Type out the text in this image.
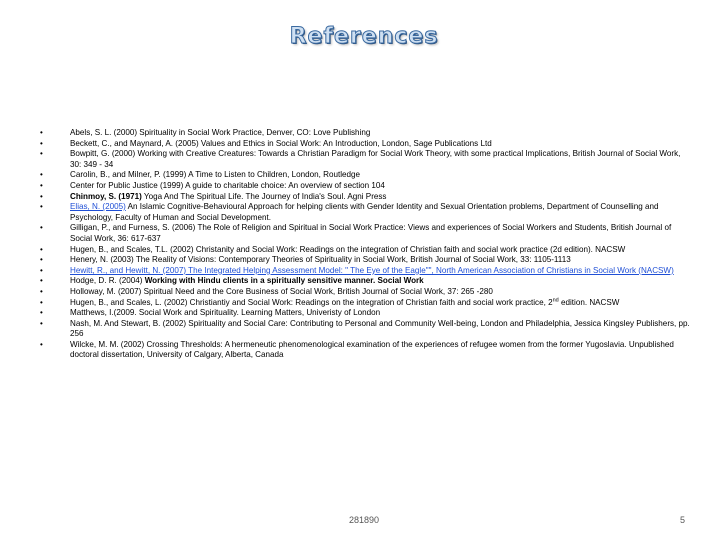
References
• Abels, S. L. (2000) Spirituality in Social Work Practice, Denver, CO: Love Publishing
• Beckett, C., and Maynard, A. (2005) Values and Ethics in Social Work: An Introduction, London, Sage Publications Ltd
• Bowpitt, G. (2000) Working with Creative Creatures: Towards a Christian Paradigm for Social Work Theory, with some practical Implications, British Journal of Social Work, 30: 349 - 34
• Carolin, B., and Milner, P. (1999) A Time to Listen to Children, London, Routledge
• Center for Public Justice (1999) A guide to charitable choice: An overview of section 104
• Chinmoy, S. (1971) Yoga And The Spiritual Life. The Journey of India's Soul. Agni Press
• Elias, N. (2005) An Islamic Cognitive-Behavioural Approach for helping clients with Gender Identity and Sexual Orientation problems, Department of Counselling and Psychology, Faculty of Human and Social Development.
• Gilligan, P., and Furness, S. (2006) The Role of Religion and Spiritual in Social Work Practice: Views and experiences of Social Workers and Students, British Journal of Social Work, 36: 617-637
• Hugen, B., and Scales, T.L. (2002) Christanity and Social Work: Readings on the integration of Christian faith and social work practice (2d edition). NACSW
• Henery, N. (2003) The Reality of Visions: Contemporary Theories of Spirituality in Social Work, British Journal of Social Work, 33: 1105-1113
• Hewitt, R., and Hewitt, N. (2007) The Integrated Helping Assessment Model: " The Eye of the Eagle"", North American Association of Christians in Social Work (NACSW)
• Hodge, D. R. (2004) Working with Hindu clients in a spiritually sensitive manner. Social Work
• Holloway, M. (2007) Spiritual Need and the Core Business of Social Work, British Journal of Social Work, 37: 265 -280
• Hugen, B., and Scales, L. (2002) Christiantiy and Social Work: Readings on the integration of Christian faith and social work practice, 2nd edition. NACSW
• Matthews, I.(2009. Social Work and Spirituality. Learning Matters, Univeristy of London
• Nash, M. And Stewart, B. (2002) Spirituality and Social Care: Contributing to Personal and Community Well-being, London and Philadelphia, Jessica Kingsley Publishers, pp. 256
• Wilcke, M. M. (2002) Crossing Thresholds: A hermeneutic phenomenological examination of the experiences of refugee women from the former Yugoslavia. Unpublished doctoral dissertation, University of Calgary, Alberta, Canada
281890	5
